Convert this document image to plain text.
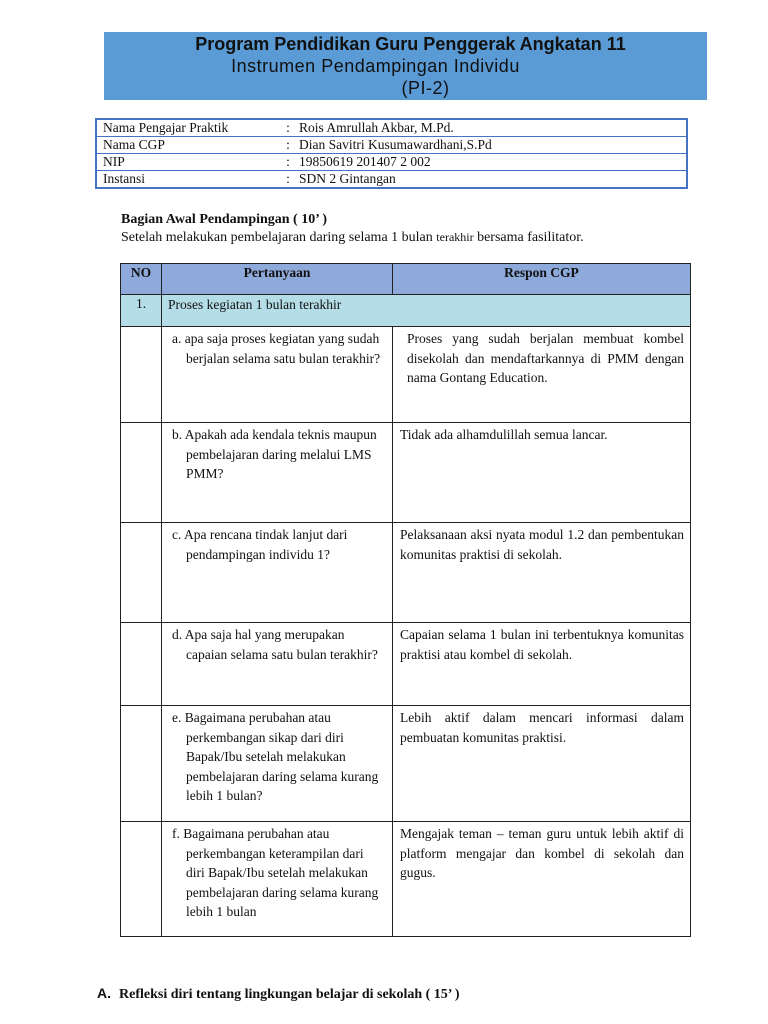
Program Pendidikan Guru Penggerak Angkatan 11
Instrumen Pendampingan Individu
(PI-2)
Nama Pengajar Praktik	:	Rois Amrullah Akbar, M.Pd.
Nama CGP	:	Dian Savitri Kusumawardhani,S.Pd
NIP	:	19850619 201407 2 002
Instansi	:	SDN 2 Gintangan
Bagian Awal Pendampingan ( 10’ )
Setelah melakukan pembelajaran daring selama 1 bulan terakhir bersama fasilitator.
NO	Pertanyaan	Respon CGP
1.	Proses kegiatan 1 bulan terakhir	

	a. apa saja proses kegiatan yang sudah berjalan selama satu bulan terakhir?	Proses yang sudah berjalan membuat kombel disekolah dan mendaftarkannya di PMM dengan nama Gontang Education.

	b. Apakah ada kendala teknis maupun pembelajaran daring melalui LMS PMM?	Tidak ada alhamdulillah semua lancar.

	c. Apa rencana tindak lanjut dari pendampingan individu 1?	Pelaksanaan aksi nyata modul 1.2 dan pembentukan komunitas praktisi di sekolah.

	d. Apa saja hal yang merupakan capaian selama satu bulan terakhir?	Capaian selama 1 bulan ini terbentuknya komunitas praktisi atau kombel di sekolah.

	e. Bagaimana perubahan atau perkembangan sikap dari diri Bapak/Ibu setelah melakukan pembelajaran daring selama kurang lebih 1 bulan?	Lebih aktif dalam mencari informasi dalam pembuatan komunitas praktisi.

	f. Bagaimana perubahan atau perkembangan keterampilan dari diri Bapak/Ibu setelah melakukan pembelajaran daring selama kurang lebih 1 bulan	Mengajak teman – teman guru untuk lebih aktif di platform mengajar dan kombel di sekolah dan gugus.
A. Refleksi diri tentang lingkungan belajar di sekolah ( 15’ )
